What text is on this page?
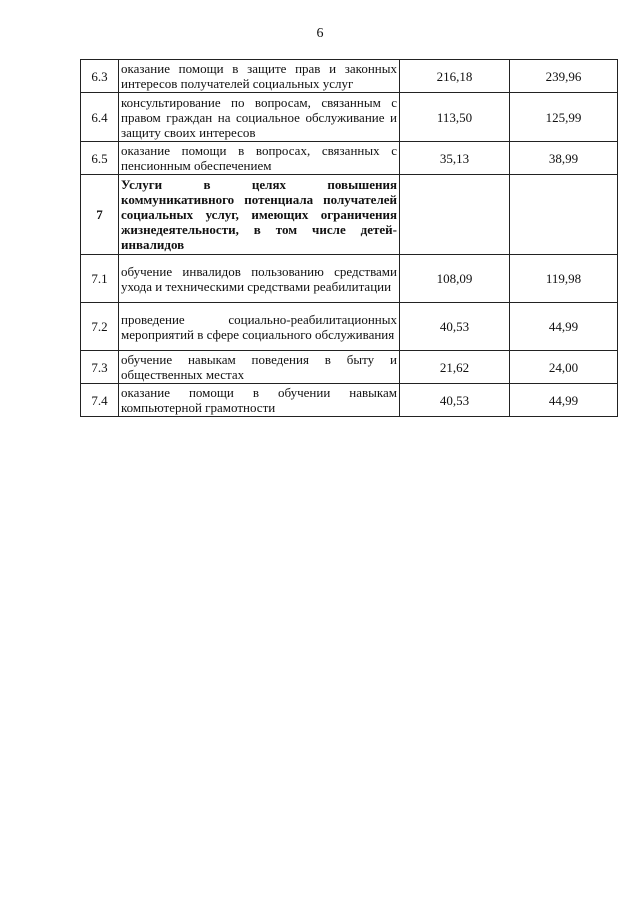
6
6.3	оказание помощи в защите прав и законных интересов получателей социальных услуг	216,18	239,96
6.4	консультирование по вопросам, связанным с правом граждан на социальное обслуживание и защиту своих интересов	113,50	125,99
6.5	оказание помощи в вопросах, связанных с пенсионным обеспечением	35,13	38,99
7	Услуги в целях повышения коммуникативного потенциала получателей социальных услуг, имеющих ограничения жизнедеятельности, в том числе детей-инвалидов		
7.1	обучение инвалидов пользованию средствами ухода и техническими средствами реабилитации	108,09	119,98
7.2	проведение социально-реабилитационных мероприятий в сфере социального обслуживания	40,53	44,99
7.3	обучение навыкам поведения в быту и общественных местах	21,62	24,00
7.4	оказание помощи в обучении навыкам компьютерной грамотности	40,53	44,99
